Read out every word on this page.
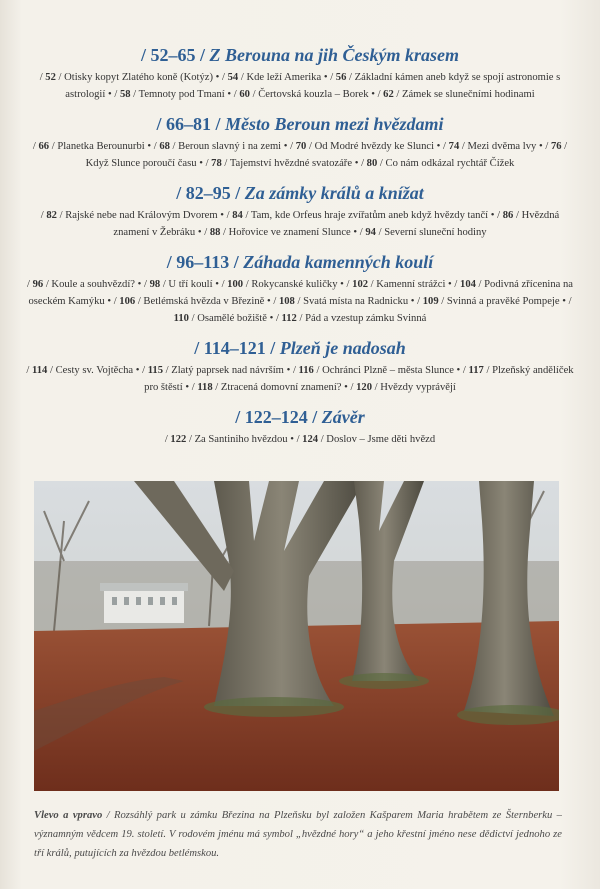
/ 52–65 / Z Berouna na jih Českým krasem
/ 52 / Otisky kopyt Zlatého koně (Kotýz) • / 54 / Kde leží Amerika • / 56 / Základní kámen aneb když se spojí astronomie s astrologií • / 58 / Temnoty pod Tmaní • / 60 / Čertovská kouzla – Borek • / 62 / Zámek se slunečními hodinami
/ 66–81 / Město Beroun mezi hvězdami
/ 66 / Planetka Berounurbi • / 68 / Beroun slavný i na zemi • / 70 / Od Modré hvězdy ke Slunci • / 74 / Mezi dvěma lvy • / 76 / Když Slunce poroučí času • / 78 / Tajemství hvězdné svatozáře • / 80 / Co nám odkázal rychtář Čížek
/ 82–95 / Za zámky králů a knížat
/ 82 / Rajské nebe nad Královým Dvorem • / 84 / Tam, kde Orfeus hraje zvířatům aneb když hvězdy tančí • / 86 / Hvězdná znamení v Žebráku • / 88 / Hořovice ve znamení Slunce • / 94 / Severní sluneční hodiny
/ 96–113 / Záhada kamenných koulí
/ 96 / Koule a souhvězdí? • / 98 / U tří koulí • / 100 / Rokycanské kuličky • / 102 / Kamenní strážci • / 104 / Podivná zřícenina na oseckém Kamýku • / 106 / Betlémská hvězda v Březině • / 108 / Svatá místa na Radnicku • / 109 / Svinná a pravěké Pompeje • / 110 / Osamělé božiště • / 112 / Pád a vzestup zámku Svinná
/ 114–121 / Plzeň je nadosah
/ 114 / Cesty sv. Vojtěcha • / 115 / Zlatý paprsek nad návrším • / 116 / Ochránci Plzně – města Slunce • / 117 / Plzeňský andělíček pro štěstí • / 118 / Ztracená domovní znamení? • / 120 / Hvězdy vyprávějí
/ 122–124 / Závěr
/ 122 / Za Santiniho hvězdou • / 124 / Doslov – Jsme děti hvězd
Vlevo a vpravo / Rozsáhlý park u zámku Březina na Plzeňsku byl založen Kašparem Maria hrabětem ze Šternberku – významným vědcem 19. století. V rodovém jménu má symbol „hvězdné hory“ a jeho křestní jméno nese dědictví jednoho ze tří králů, putujících za hvězdou betlémskou.
